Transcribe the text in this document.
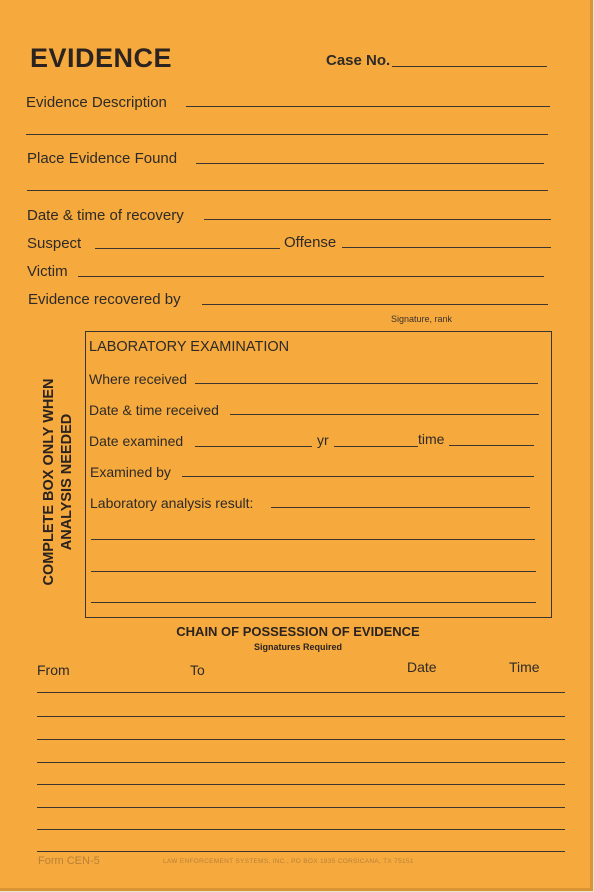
EVIDENCE	Case No.
Evidence Description
Place Evidence Found
Date & time of recovery
Suspect	Offense
Victim
Evidence recovered by
Signature, rank
COMPLETE BOX ONLY WHEN ANALYSIS NEEDED
LABORATORY EXAMINATION
Where received
Date & time received
Date examined	yr	time
Examined by
Laboratory analysis result:
CHAIN OF POSSESSION OF EVIDENCE
Signatures Required
From	To	Date	Time
Form CEN-5	LAW ENFORCEMENT SYSTEMS, INC., PO BOX 1835 CORSICANA, TX 75151
